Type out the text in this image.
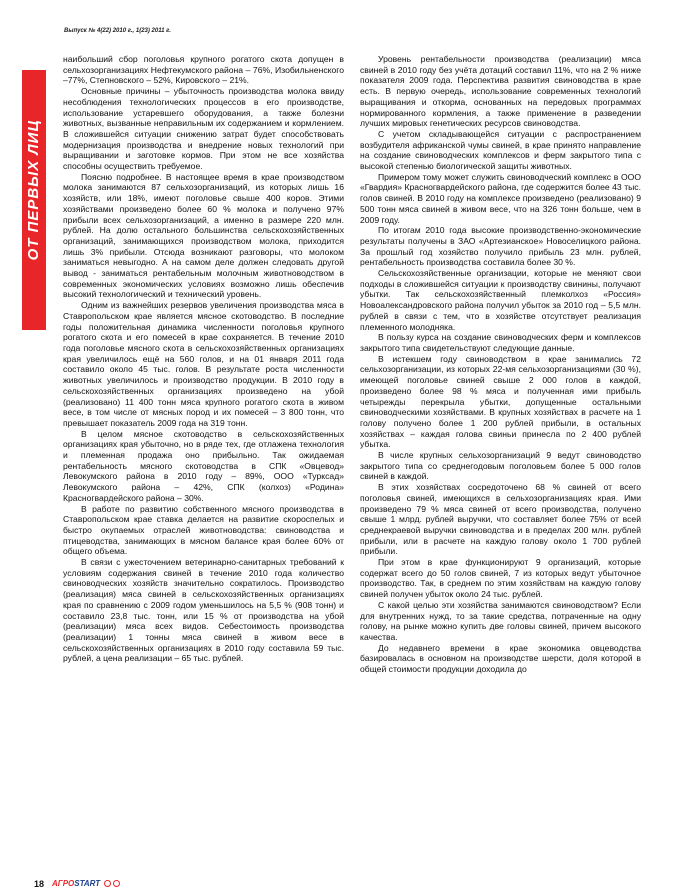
Выпуск № 4(22) 2010 г., 1(23) 2011 г.
ОТ ПЕРВЫХ ЛИЦ

наибольший сбор поголовья крупного рогатого скота допущен в сельхозорганизациях Нефтекумского района – 76%, Изобильненского –77%, Степновского – 52%, Кировского – 21%.

Основные причины – убыточность производства молока ввиду несоблюдения технологических процессов в его производстве, использование устаревшего оборудования, а также болезни животных, вызванные неправильным их содержанием и кормлением. В сложившейся ситуации снижению затрат будет способствовать модернизация производства и внедрение новых технологий при выращивании и заготовке кормов. При этом не все хозяйства способны осуществить требуемое.

Поясню подробнее. В настоящее время в крае производством молока занимаются 87 сельхозорганизаций, из которых лишь 16 хозяйств, или 18%, имеют поголовье свыше 400 коров. Этими хозяйствами произведено более 60 % молока и получено 97% прибыли всех сельхозорганизаций, а именно в размере 220 млн. рублей. На долю остального большинства сельскохозяйственных организаций, занимающихся производством молока, приходится лишь 3% прибыли. Отсюда возникают разговоры, что молоком заниматься невыгодно. А на самом деле должен следовать другой вывод - заниматься рентабельным молочным животноводством в современных экономических условиях возможно лишь обеспечив высокий технологический и технический уровень.

Одним из важнейших резервов увеличения производства мяса в Ставропольском крае является мясное скотоводство. В последние годы положительная динамика численности поголовья крупного рогатого скота и его помесей в крае сохраняется. В течение 2010 года поголовье мясного скота в сельскохозяйственных организациях края увеличилось ещё на 560 голов, и на 01 января 2011 года составило около 45 тыс. голов. В результате роста численности животных увеличилось и производство продукции. В 2010 году в сельскохозяйственных организациях произведено на убой (реализовано) 11 400 тонн мяса крупного рогатого скота в живом весе, в том числе от мясных пород и их помесей – 3 800 тонн, что превышает показатель 2009 года на 319 тонн.

В целом мясное скотоводство в сельскохозяйственных организациях края убыточно, но в ряде тех, где отлажена технология и племенная продажа оно прибыльно. Так ожидаемая рентабельность мясного скотоводства в СПК «Овцевод» Левокумского района в 2010 году – 89%, ООО «Турксад» Левокумского района – 42%, СПК (колхоз) «Родина» Красногвардейского района – 30%.

В работе по развитию собственного мясного производства в Ставропольском крае ставка делается на развитие скороспелых и быстро окупаемых отраслей животноводства: свиноводства и птицеводства, занимающих в мясном балансе края более 60% от общего объема.

В связи с ужесточением ветеринарно-санитарных требований к условиям содержания свиней в течение 2010 года количество свиноводческих хозяйств значительно сократилось. Производство (реализация) мяса свиней в сельскохозяйственных организациях края по сравнению с 2009 годом уменьшилось на 5,5 % (908 тонн) и составило 23,8 тыс. тонн, или 15 % от производства на убой (реализации) мяса всех видов. Себестоимость производства (реализации) 1 тонны мяса свиней в живом весе в сельскохозяйственных организациях в 2010 году составила 59 тыс. рублей, а цена реализации – 65 тыс. рублей.

Уровень рентабельности производства (реализации) мяса свиней в 2010 году без учёта дотаций составил 11%, что на 2 % ниже показателя 2009 года. Перспектива развития свиноводства в крае есть. В первую очередь, использование современных технологий выращивания и откорма, основанных на передовых программах нормированного кормления, а также применение в разведении лучших мировых генетических ресурсов свиноводства.

С учетом складывающейся ситуации с распространением возбудителя африканской чумы свиней, в крае принято направление на создание свиноводческих комплексов и ферм закрытого типа с высокой степенью биологической защиты животных.

Примером тому может служить свиноводческий комплекс в ООО «Гвардия» Красногвардейского района, где содержится более 43 тыс. голов свиней. В 2010 году на комплексе произведено (реализовано) 9 500 тонн мяса свиней в живом весе, что на 326 тонн больше, чем в 2009 году.

По итогам 2010 года высокие производственно-экономические результаты получены в ЗАО «Артезианское» Новоселицкого района. За прошлый год хозяйство получило прибыль 23 млн. рублей, рентабельность производства составила более 30 %.

Сельскохозяйственные организации, которые не меняют свои подходы в сложившейся ситуации к производству свинины, получают убытки. Так сельскохозяйственный племколхоз «Россия» Новоалександровского района получил убыток за 2010 год – 5,5 млн. рублей в связи с тем, что в хозяйстве отсутствует реализация племенного молодняка.

В пользу курса на создание свиноводческих ферм и комплексов закрытого типа свидетельствуют следующие данные.

В истекшем году свиноводством в крае занимались 72 сельхозорганизации, из которых 22-мя сельхозорганизациями (30 %), имеющей поголовье свиней свыше 2 000 голов в каждой, произведено более 98 % мяса и полученная ими прибыль четырежды перекрыла убытки, допущенные остальными свиноводческими хозяйствами. В крупных хозяйствах в расчете на 1 голову получено более 1 200 рублей прибыли, в остальных хозяйствах – каждая голова свиньи принесла по 2 400 рублей убытка.

В числе крупных сельхозорганизаций 9 ведут свиноводство закрытого типа со среднегодовым поголовьем более 5 000 голов свиней в каждой.

В этих хозяйствах сосредоточено 68 % свиней от всего поголовья свиней, имеющихся в сельхозорганизациях края. Ими произведено 79 % мяса свиней от всего производства, получено свыше 1 млрд. рублей выручки, что составляет более 75% от всей среднекраевой выручки свиноводства и в пределах 200 млн. рублей прибыли, или в расчете на каждую голову около 1 700 рублей прибыли.

При этом в крае функционируют 9 организаций, которые содержат всего до 50 голов свиней, 7 из которых ведут убыточное производство. Так, в среднем по этим хозяйствам на каждую голову свиней получен убыток около 24 тыс. рублей.

С какой целью эти хозяйства занимаются свиноводством? Если для внутренних нужд, то за такие средства, потраченные на одну голову, на рынке можно купить две головы свиней, причем высокого качества.

До недавнего времени в крае экономика овцеводства базировалась в основном на производстве шерсти, доля которой в общей стоимости продукции доходила до

18 АГРОSTART
